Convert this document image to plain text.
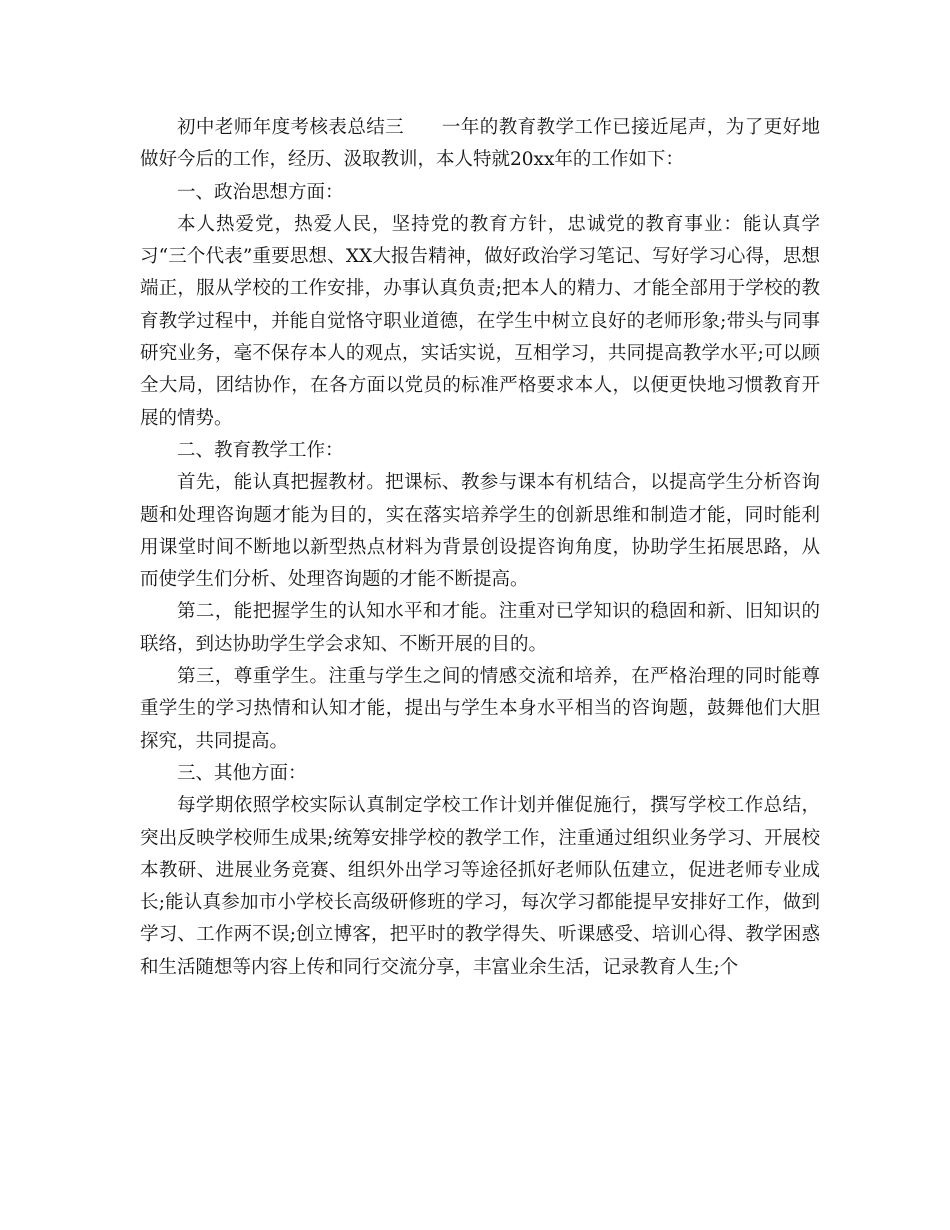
初中老师年度考核表总结三　　一年的教育教学工作已接近尾声，为了更好地做好今后的工作，经历、汲取教训，本人特就20xx年的工作如下：

一、政治思想方面：

本人热爱党，热爱人民，坚持党的教育方针，忠诚党的教育事业：能认真学习“三个代表”重要思想、XX大报告精神，做好政治学习笔记、写好学习心得，思想端正，服从学校的工作安排，办事认真负责;把本人的精力、才能全部用于学校的教育教学过程中，并能自觉恪守职业道德，在学生中树立良好的老师形象;带头与同事研究业务，毫不保存本人的观点，实话实说，互相学习，共同提高教学水平;可以顾全大局，团结协作，在各方面以党员的标准严格要求本人，以便更快地习惯教育开展的情势。

二、教育教学工作：

首先，能认真把握教材。把课标、教参与课本有机结合，以提高学生分析咨询题和处理咨询题才能为目的，实在落实培养学生的创新思维和制造才能，同时能利用课堂时间不断地以新型热点材料为背景创设提咨询角度，协助学生拓展思路，从而使学生们分析、处理咨询题的才能不断提高。

第二，能把握学生的认知水平和才能。注重对已学知识的稳固和新、旧知识的联络，到达协助学生学会求知、不断开展的目的。

第三，尊重学生。注重与学生之间的情感交流和培养，在严格治理的同时能尊重学生的学习热情和认知才能，提出与学生本身水平相当的咨询题，鼓舞他们大胆探究，共同提高。

三、其他方面：

每学期依照学校实际认真制定学校工作计划并催促施行，撰写学校工作总结，突出反映学校师生成果;统筹安排学校的教学工作，注重通过组织业务学习、开展校本教研、进展业务竞赛、组织外出学习等途径抓好老师队伍建立，促进老师专业成长;能认真参加市小学校长高级研修班的学习，每次学习都能提早安排好工作，做到学习、工作两不误;创立博客，把平时的教学得失、听课感受、培训心得、教学困惑和生活随想等内容上传和同行交流分享，丰富业余生活，记录教育人生;个
